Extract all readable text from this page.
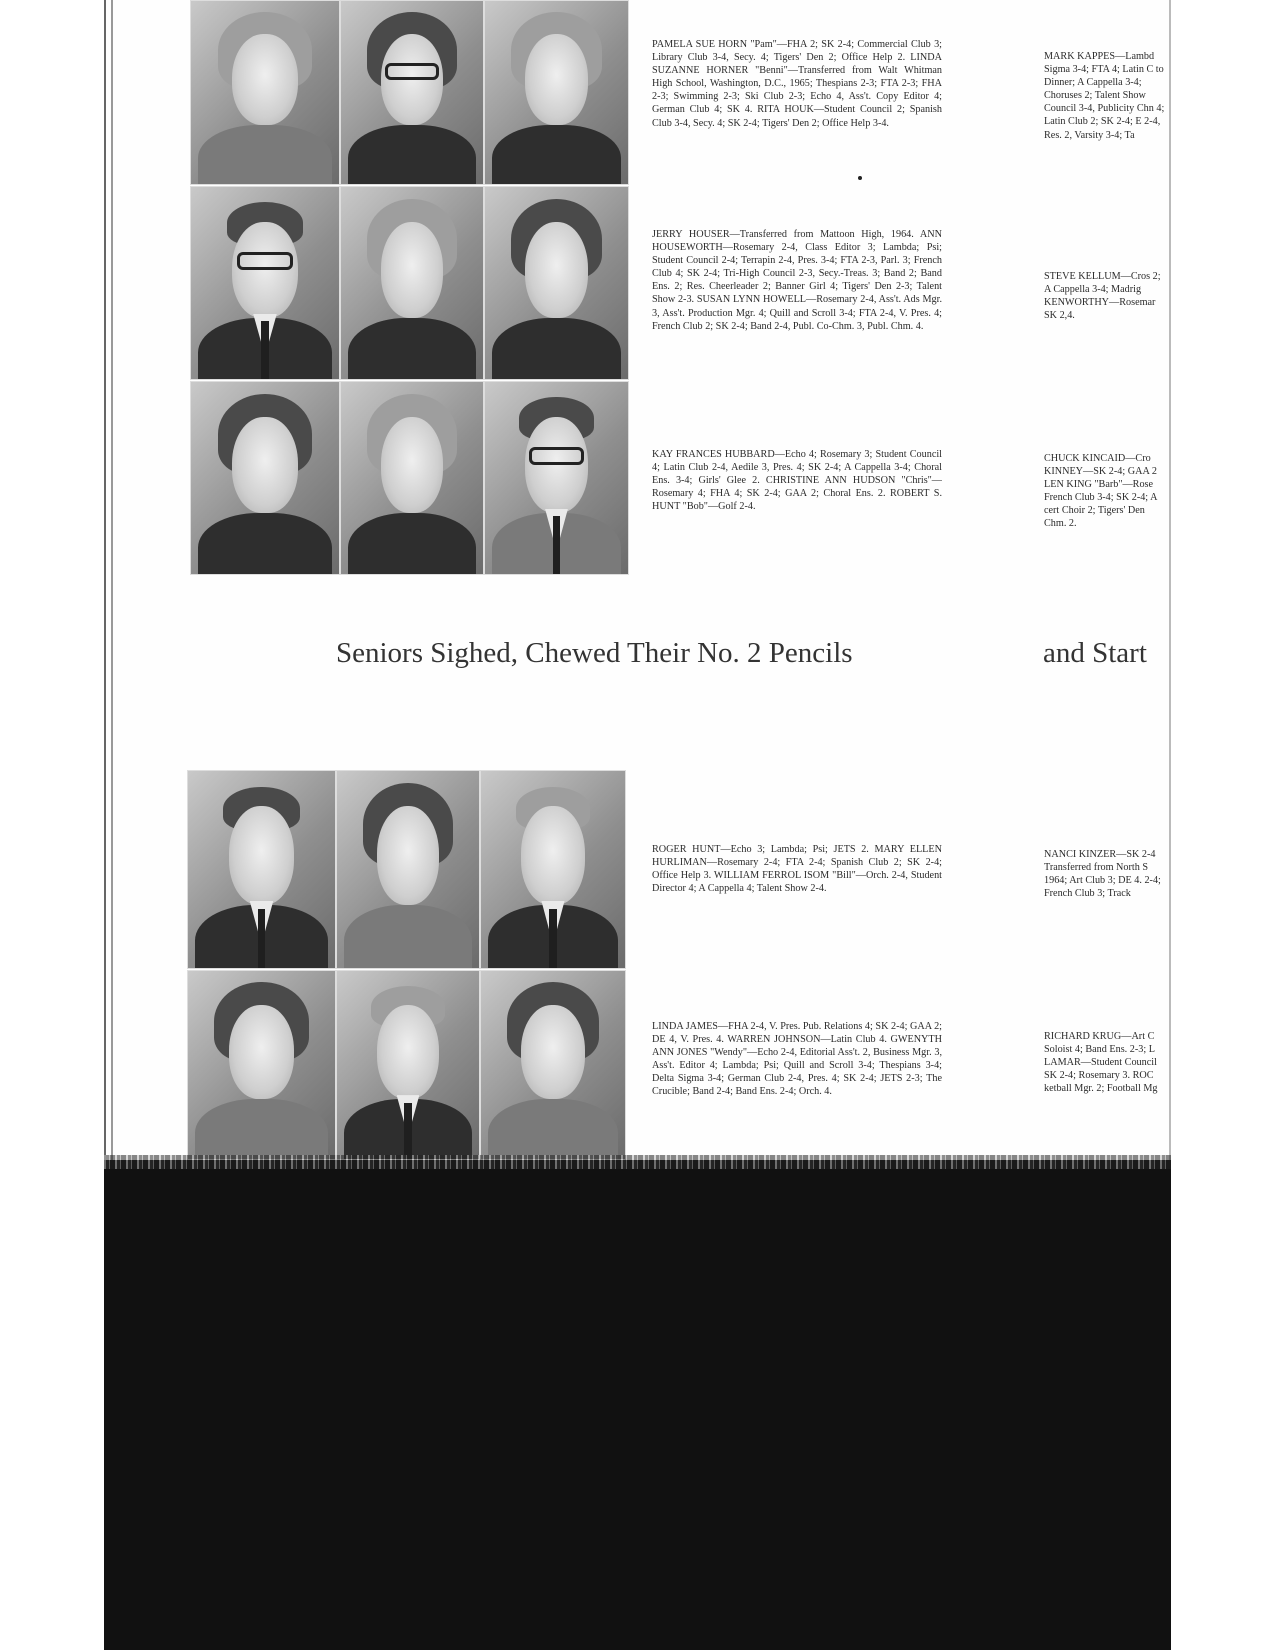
PAMELA SUE HORN "Pam"—FHA 2; SK 2-4; Commercial Club 3; Library Club 3-4, Secy. 4; Tigers' Den 2; Office Help 2. LINDA SUZANNE HORNER "Benni"—Transferred from Walt Whitman High School, Washington, D.C., 1965; Thespians 2-3; FTA 2-3; FHA 2-3; Swimming 2-3; Ski Club 2-3; Echo 4, Ass't. Copy Editor 4; German Club 4; SK 4. RITA HOUK—Student Council 2; Spanish Club 3-4, Secy. 4; SK 2-4; Tigers' Den 2; Office Help 3-4.

JERRY HOUSER—Transferred from Mattoon High, 1964. ANN HOUSEWORTH—Rosemary 2-4, Class Editor 3; Lambda; Psi; Student Council 2-4; Terrapin 2-4, Pres. 3-4; FTA 2-3, Parl. 3; French Club 4; SK 2-4; Tri-High Council 2-3, Secy.-Treas. 3; Band 2; Band Ens. 2; Res. Cheerleader 2; Banner Girl 4; Tigers' Den 2-3; Talent Show 2-3. SUSAN LYNN HOWELL—Rosemary 2-4, Ass't. Ads Mgr. 3, Ass't. Production Mgr. 4; Quill and Scroll 3-4; FTA 2-4, V. Pres. 4; French Club 2; SK 2-4; Band 2-4, Publ. Co-Chm. 3, Publ. Chm. 4.

KAY FRANCES HUBBARD—Echo 4; Rosemary 3; Student Council 4; Latin Club 2-4, Aedile 3, Pres. 4; SK 2-4; A Cappella 3-4; Choral Ens. 3-4; Girls' Glee 2. CHRISTINE ANN HUDSON "Chris"—Rosemary 4; FHA 4; SK 2-4; GAA 2; Choral Ens. 2. ROBERT S. HUNT "Bob"—Golf 2-4.

ROGER HUNT—Echo 3; Lambda; Psi; JETS 2. MARY ELLEN HURLIMAN—Rosemary 2-4; FTA 2-4; Spanish Club 2; SK 2-4; Office Help 3. WILLIAM FERROL ISOM "Bill"—Orch. 2-4, Student Director 4; A Cappella 4; Talent Show 2-4.

LINDA JAMES—FHA 2-4, V. Pres. Pub. Relations 4; SK 2-4; GAA 2; DE 4, V. Pres. 4. WARREN JOHNSON—Latin Club 4. GWENYTH ANN JONES "Wendy"—Echo 2-4, Editorial Ass't. 2, Business Mgr. 3, Ass't. Editor 4; Lambda; Psi; Quill and Scroll 3-4; Thespians 3-4; Delta Sigma 3-4; German Club 2-4, Pres. 4; SK 2-4; JETS 2-3; The Crucible; Band 2-4; Band Ens. 2-4; Orch. 4.

MARK KAPPES—Lambd Sigma 3-4; FTA 4; Latin C to Dinner; A Cappella 3-4; Choruses 2; Talent Show Council 3-4, Publicity Chn 4; Latin Club 2; SK 2-4; E 2-4, Res. 2, Varsity 3-4; Ta

STEVE KELLUM—Cros 2; A Cappella 3-4; Madrig KENWORTHY—Rosemar SK 2,4.

CHUCK KINCAID—Cro KINNEY—SK 2-4; GAA 2 LEN KING "Barb"—Rose French Club 3-4; SK 2-4; A cert Choir 2; Tigers' Den Chm. 2.

NANCI KINZER—SK 2-4 Transferred from North S 1964; Art Club 3; DE 4. 2-4; French Club 3; Track

RICHARD KRUG—Art C Soloist 4; Band Ens. 2-3; L LAMAR—Student Council SK 2-4; Rosemary 3. ROC ketball Mgr. 2; Football Mg

Seniors Sighed, Chewed Their No. 2 Pencils	and Start
